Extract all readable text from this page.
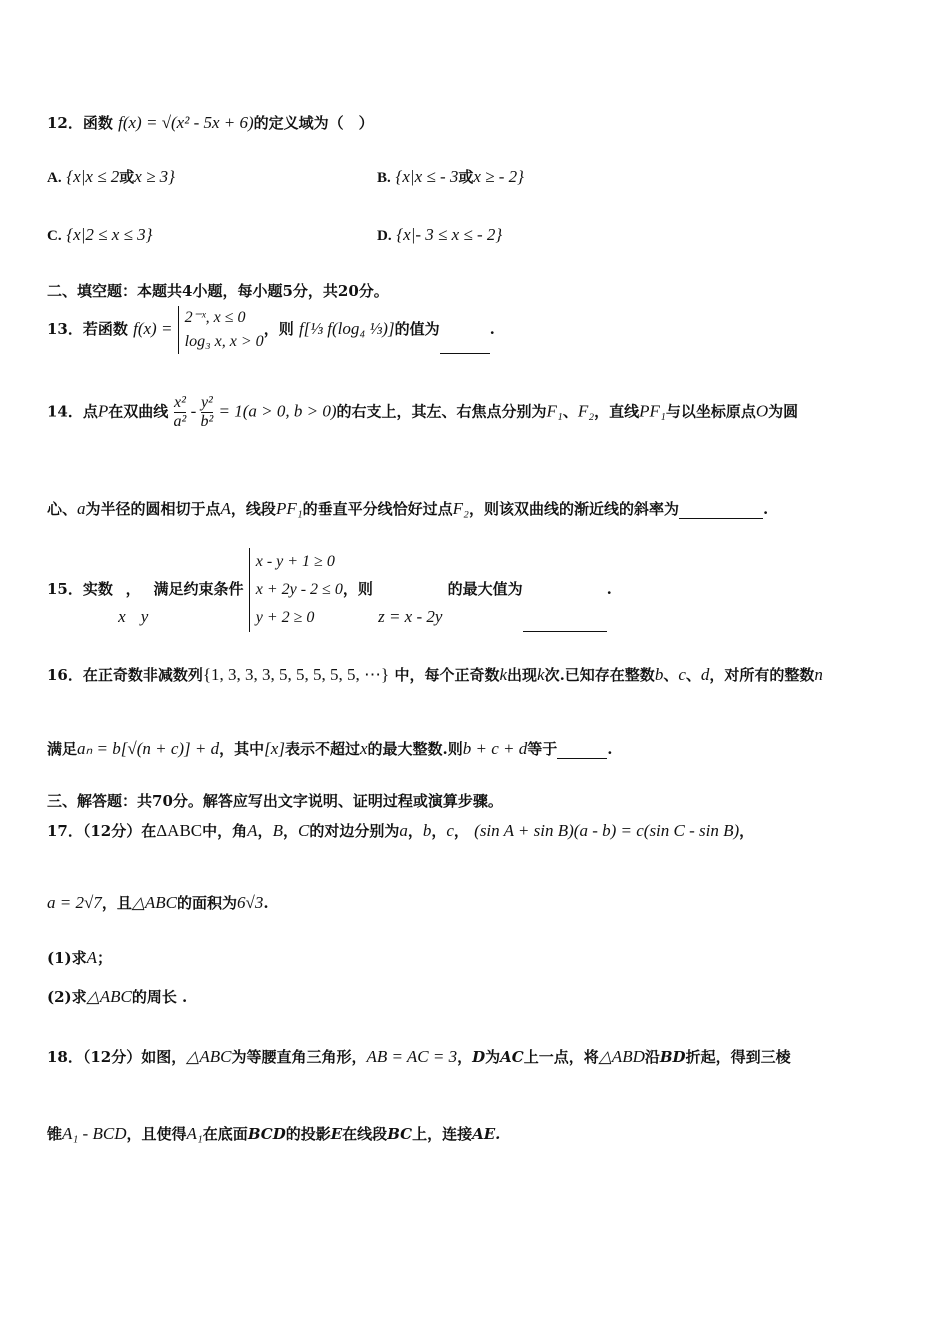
12．函数 f(x) = √(x² - 5x + 6)的定义域为（　）
A. {x|x ≤ 2或x ≥ 3}	B. {x|x ≤ - 3或x ≥ - 2}
C. {x|2 ≤ x ≤ 3}	D. {x|- 3 ≤ x ≤ - 2}
二、填空题：本题共4小题，每小题5分，共20分。
13．若函数 f(x) =
2⁻ˣ, x ≤ 0
log₃ x, x > 0
，则 f[⅓ f(log₄ ⅓)]的值为	.
14．点P在双曲线 $\frac{\text{x²}}{\text{a²}} - \frac{\text{y²}}{\text{b²}} = 1(a > 0$, b > 0)的右支上，其左、右焦点分别为F₁、F₂，直线PF₁与以坐标原点O为圆
心、a为半径的圆相切于点A，线段PF₁的垂直平分线恰好过点F₂，则该双曲线的渐近线的斜率为	.
15．实数 x，y 满足约束条件
x - y + 1 ≥ 0
x + 2y - 2 ≤ 0
y + 2 ≥ 0
，则 z = x - 2y 的最大值为	.
16．在正奇数非减数列{1, 3, 3, 3, 5, 5, 5, 5, 5, ⋯} 中，每个正奇数k出现k次.已知存在整数b、c、d，对所有的整数n
满足aₙ = b[√(n + c)] + d，其中[x]表示不超过x的最大整数.则b + c + d等于	.
三、解答题：共70分。解答应写出文字说明、证明过程或演算步骤。
17．（12分）在ΔABC中，角A，B，C的对边分别为a，b，c， (sin A + sin B)(a - b) = c(sin C - sin B)，
a = 2√7，且△ABC的面积为6√3.
(1)求A；
(2)求△ABC的周长 .
18．（12分）如图，△ABC为等腰直角三角形，AB = AC = 3，D为AC上一点，将△ABD沿BD折起，得到三棱
锥A₁ - BCD，且使得A₁在底面BCD的投影E在线段BC上，连接AE.
